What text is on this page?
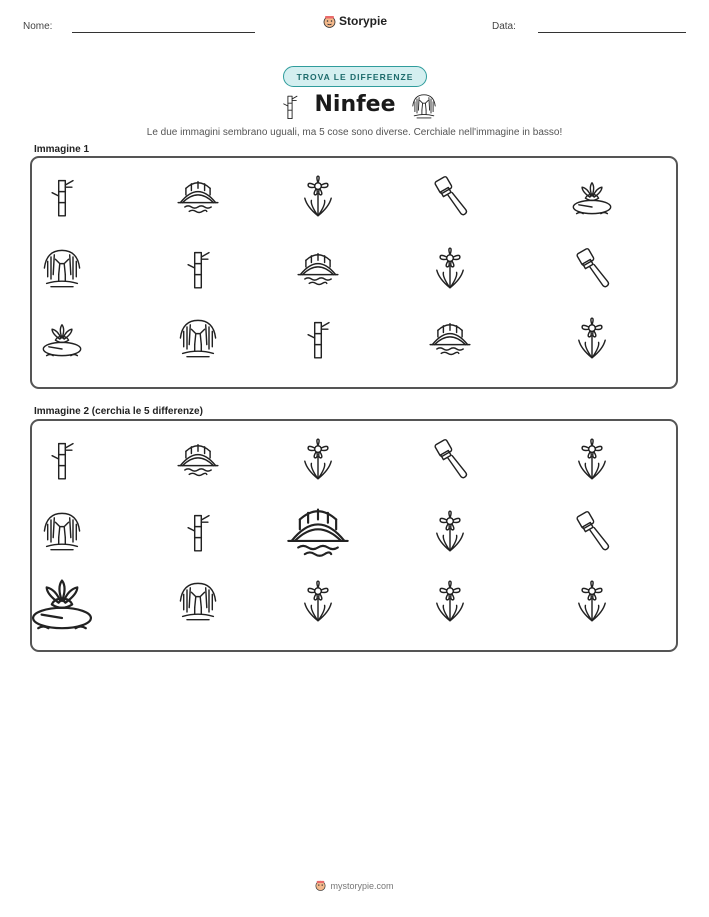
Nome:	Storypie	Data:
TROVA LE DIFFERENZE
Ninfee
Le due immagini sembrano uguali, ma 5 cose sono diverse. Cerchiale nell'immagine in basso!
Immagine 1
Immagine 2 (cerchia le 5 differenze)
mystorypie.com
